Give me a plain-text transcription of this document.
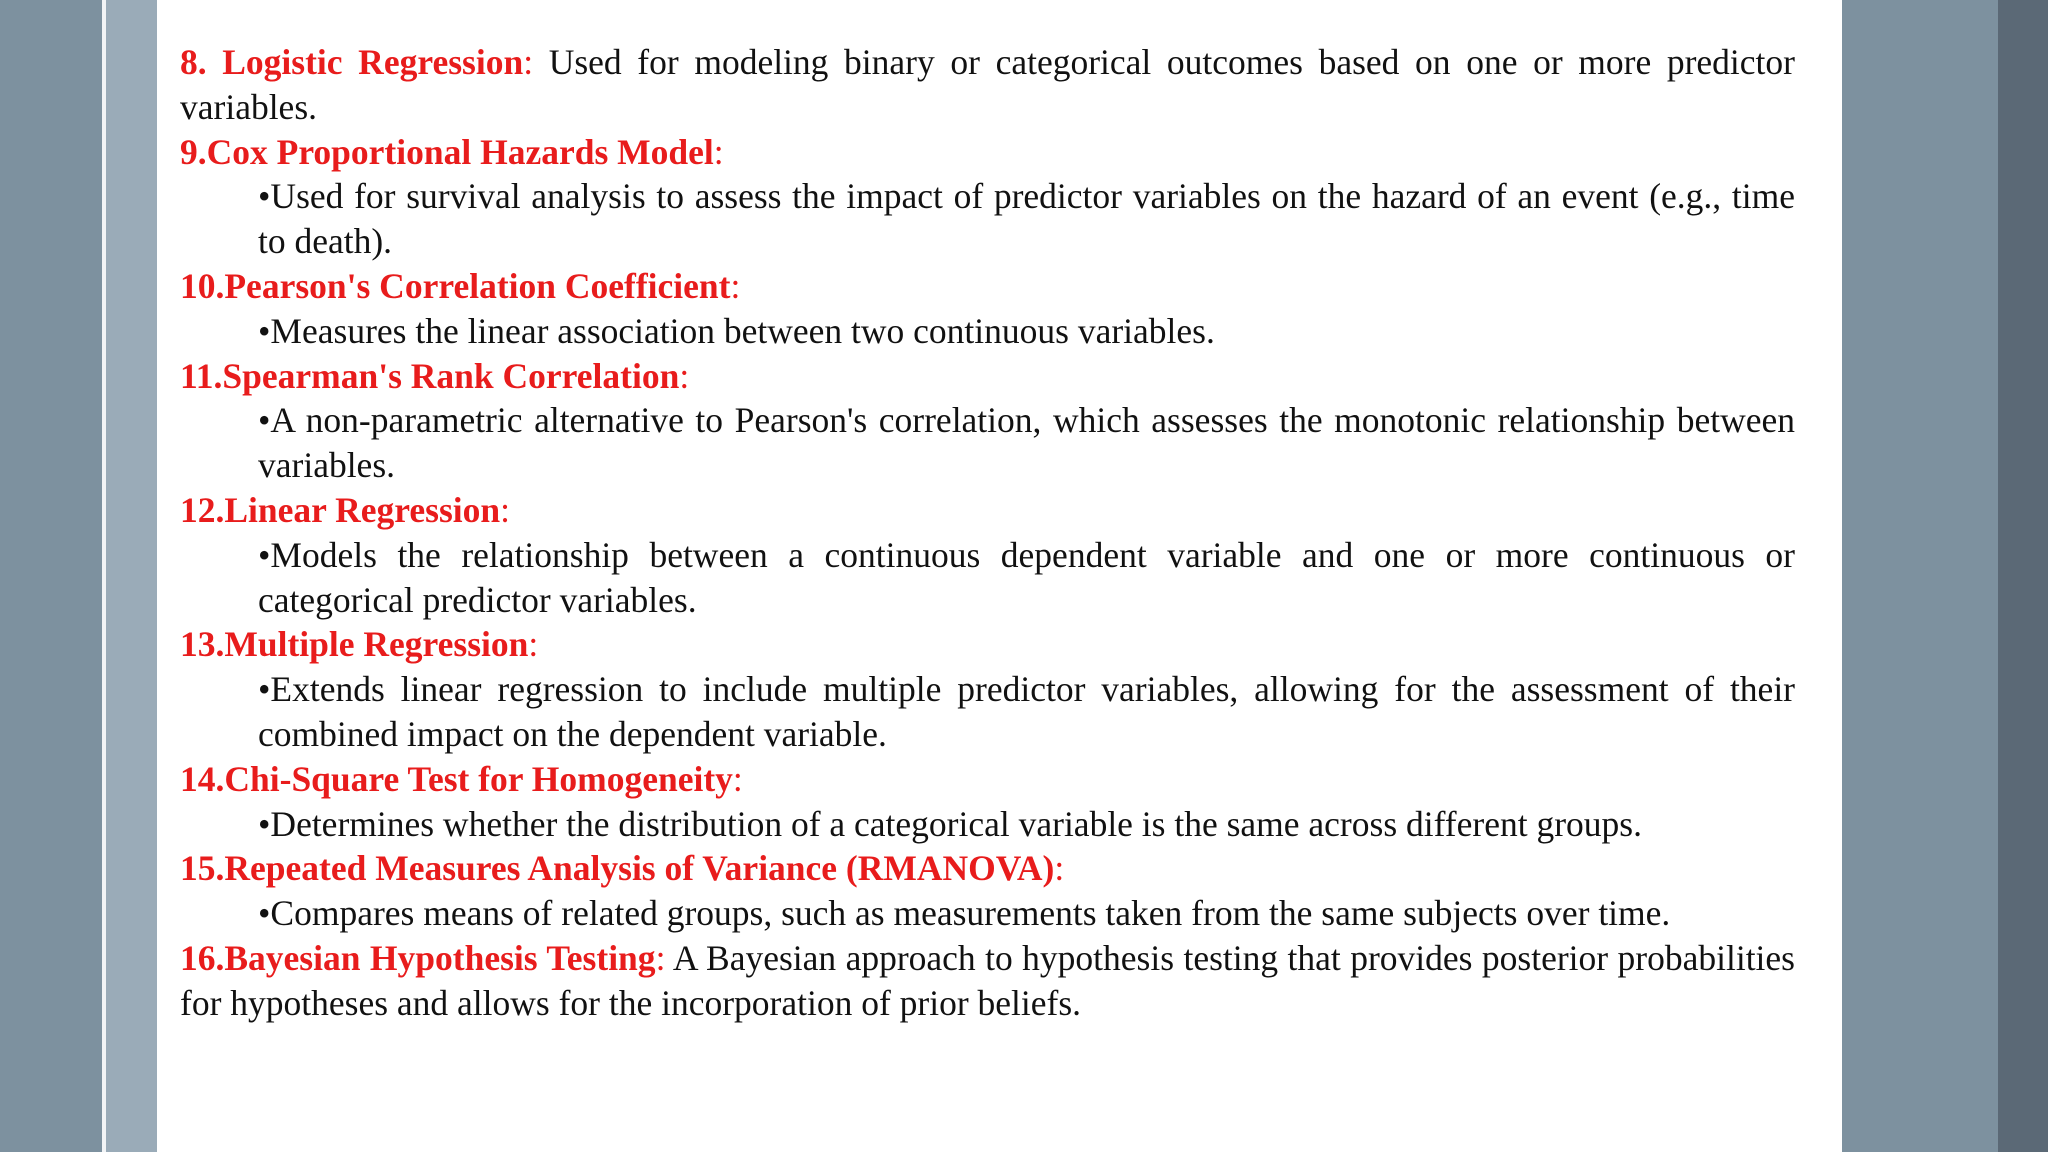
8. Logistic Regression: Used for modeling binary or categorical outcomes based on one or more predictor variables.

9.Cox Proportional Hazards Model:

•Used for survival analysis to assess the impact of predictor variables on the hazard of an event (e.g., time to death).

10.Pearson's Correlation Coefficient:

•Measures the linear association between two continuous variables.

11.Spearman's Rank Correlation:

•A non-parametric alternative to Pearson's correlation, which assesses the monotonic relationship between variables.

12.Linear Regression:

•Models the relationship between a continuous dependent variable and one or more continuous or categorical predictor variables.

13.Multiple Regression:

•Extends linear regression to include multiple predictor variables, allowing for the assessment of their combined impact on the dependent variable.

14.Chi-Square Test for Homogeneity:

•Determines whether the distribution of a categorical variable is the same across different groups.

15.Repeated Measures Analysis of Variance (RMANOVA):

•Compares means of related groups, such as measurements taken from the same subjects over time.

16.Bayesian Hypothesis Testing: A Bayesian approach to hypothesis testing that provides posterior probabilities for hypotheses and allows for the incorporation of prior beliefs.
